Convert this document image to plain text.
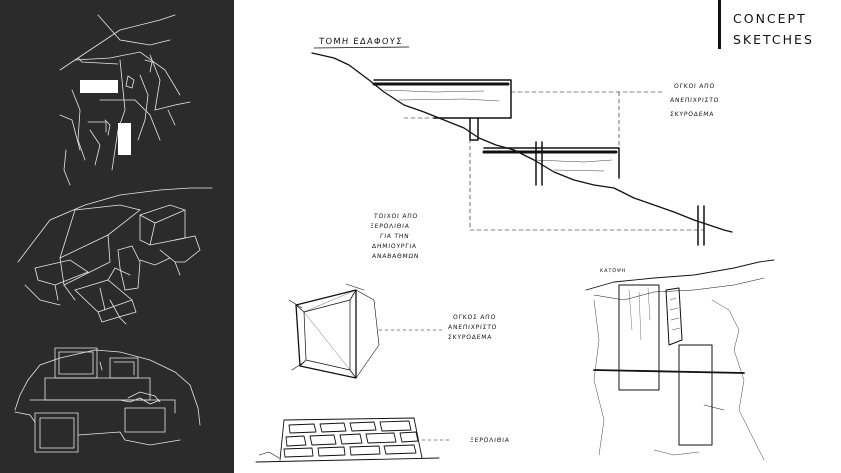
ΤΟΜΗ ΕΔΑΦΟΥΣ
ΟΓΚΟΙ ΑΠΟ
ΑΝΕΠΙΧΡΙΣΤΟ
ΣΚΥΡΟΔΕΜΑ
ΤΟΙΧΟΙ ΑΠΟ
ΞΕΡΟΛΙΘΙΑ
ΓΙΑ ΤΗΝ
ΔΗΜΙΟΥΡΓΙΑ
ΑΝΑΒΑΘΜΩΝ
ΟΓΚΟΣ ΑΠΟ
ΑΝΕΠΙΧΡΙΣΤΟ
ΣΚΥΡΟΔΕΜΑ
ΞΕΡΟΛΙΘΙΑ
ΚΑΤΟΨΗ
CONCEPT
SKETCHES
